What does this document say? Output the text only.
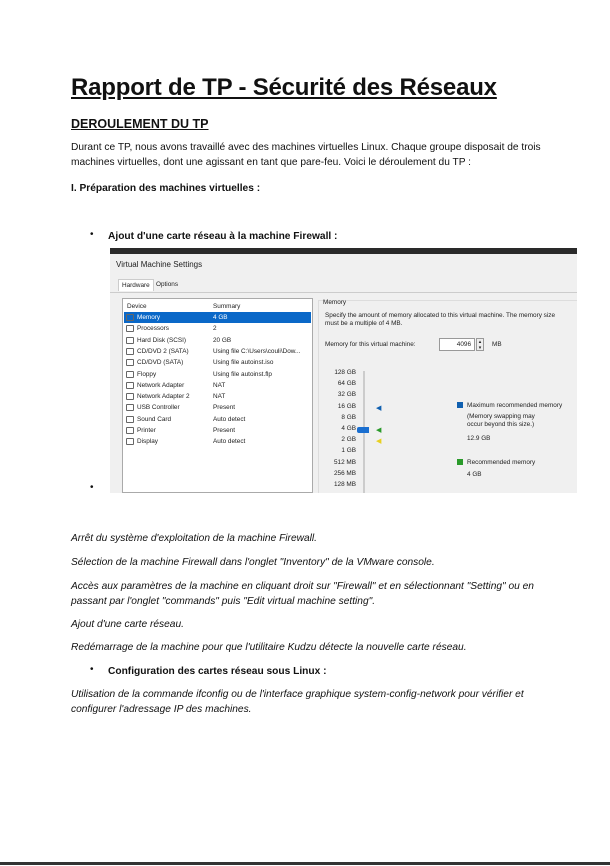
Rapport de TP - Sécurité des Réseaux
DEROULEMENT DU TP
Durant ce TP, nous avons travaillé avec des machines virtuelles Linux. Chaque groupe disposait de trois machines virtuelles, dont une agissant en tant que pare-feu. Voici le déroulement du TP :
I. Préparation des machines virtuelles :
• Ajout d'une carte réseau à la machine Firewall :
•
Virtual Machine Settings
Hardware Options
Device	Summary
Memory	4 GB
Processors	2
Hard Disk (SCSI)	20 GB
CD/DVD 2 (SATA)	Using file C:\Users\couli\Dow...
CD/DVD (SATA)	Using file autoinst.iso
Floppy	Using file autoinst.flp
Network Adapter	NAT
Network Adapter 2	NAT
USB Controller	Present
Sound Card	Auto detect
Printer	Present
Display	Auto detect
Memory
Specify the amount of memory allocated to this virtual machine. The memory size must be a multiple of 4 MB.
Memory for this virtual machine:	4096	▴
▾	MB
128 GB
64 GB
32 GB
16 GB
8 GB
4 GB
2 GB
1 GB
512 MB
256 MB
128 MB
◀
◀
◀
Maximum recommended memory
(Memory swapping may occur beyond this size.)
12.9 GB
Recommended memory
4 GB
Arrêt du système d'exploitation de la machine Firewall.
Sélection de la machine Firewall dans l'onglet "Inventory" de la VMware console.
Accès aux paramètres de la machine en cliquant droit sur "Firewall" et en sélectionnant "Setting" ou en passant par l'onglet "commands" puis "Edit virtual machine setting".
Ajout d'une carte réseau.
Redémarrage de la machine pour que l'utilitaire Kudzu détecte la nouvelle carte réseau.
• Configuration des cartes réseau sous Linux :
Utilisation de la commande ifconfig ou de l'interface graphique system-config-network pour vérifier et configurer l'adressage IP des machines.
